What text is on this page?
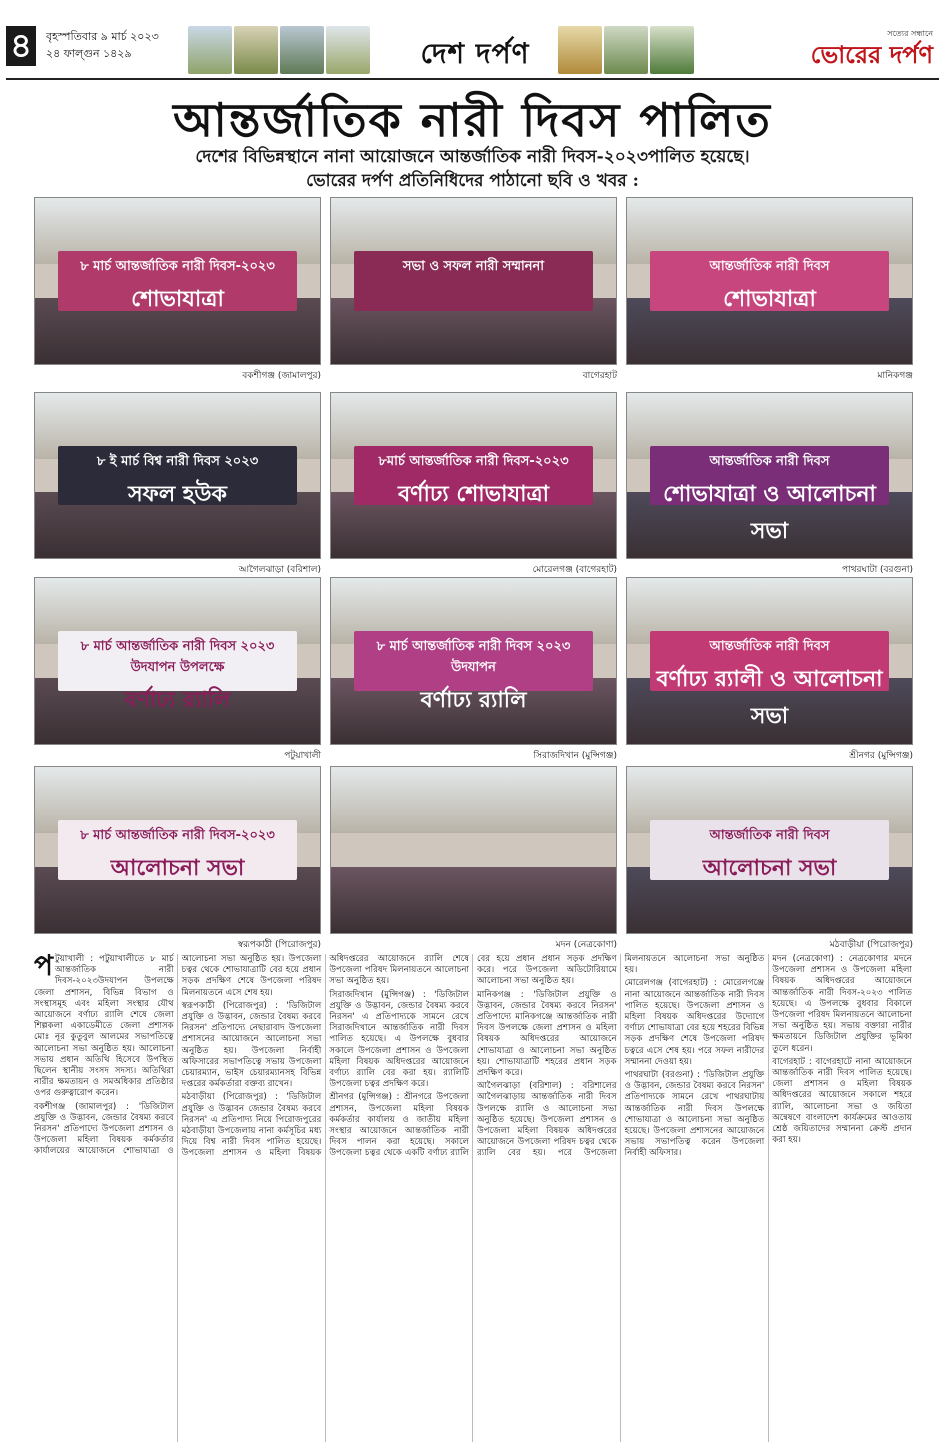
৪	বৃহস্পতিবার ৯ মার্চ ২০২৩
২৪ ফাল্গুন ১৪২৯	দেশ দর্পণ
সত্যের সন্ধানে
ভোরের দর্পণ
আন্তর্জাতিক নারী দিবস পালিত
দেশের বিভিন্নস্থানে নানা আয়োজনে আন্তর্জাতিক নারী দিবস-২০২৩পালিত হয়েছে।
ভোরের দর্পণ প্রতিনিধিদের পাঠানো ছবি ও খবর :
৮ মার্চ আন্তর্জাতিক নারী দিবস-২০২৩
শোভাযাত্রা
বকশীগঞ্জ (জামালপুর)
সভা ও সফল নারী সম্মাননা
বাগেরহাট
আন্তর্জাতিক নারী দিবস
শোভাযাত্রা
মানিকগঞ্জ
৮ ই মার্চ বিশ্ব নারী দিবস ২০২৩
সফল হউক
আগৈলঝাড়া (বরিশাল)
৮মার্চ আন্তর্জাতিক নারী দিবস-২০২৩
বর্ণাঢ্য শোভাযাত্রা
মোরেলগঞ্জ (বাগেরহাট)
আন্তর্জাতিক নারী দিবস
শোভাযাত্রা ও আলোচনা সভা
পাথরঘাটা (বরগুনা)
৮ মার্চ আন্তর্জাতিক নারী দিবস ২০২৩ উদযাপন উপলক্ষে
বর্ণাঢ্য র‍্যালি
পটুয়াখালী
৮ মার্চ আন্তর্জাতিক নারী দিবস ২০২৩ উদযাপন
বর্ণাঢ্য র‍্যালি
সিরাজদিখান (মুন্সিগঞ্জ)
আন্তর্জাতিক নারী দিবস
বর্ণাঢ্য র‍্যালী ও আলোচনা সভা
শ্রীনগর (মুন্সিগঞ্জ)
৮ মার্চ আন্তর্জাতিক নারী দিবস-২০২৩
আলোচনা সভা
স্বরূপকাঠী (পিরোজপুর)	মদন (নেত্রকোণা)
আন্তর্জাতিক নারী দিবস
আলোচনা সভা
মঠবাড়ীয়া (পিরোজপুর)

পটুয়াখালী : পটুয়াখালীতে ৮ মার্চ আন্তর্জাতিক নারী দিবস-২০২৩উদযাপন উপলক্ষে জেলা প্রশাসন, বিভিন্ন বিভাগ ও সংস্থাসমূহ এবং মহিলা সংস্থার যৌথ আয়োজনে বর্ণাঢ্য র‍্যালি শেষে জেলা শিল্পকলা একাডেমীতে জেলা প্রশাসক মোঃ নূর কুতুবুল আলমের সভাপতিত্বে আলোচনা সভা অনুষ্ঠিত হয়। আলোচনা সভায় প্রধান অতিথি হিসেবে উপস্থিত ছিলেন স্থানীয় সংসদ সদস্য। অতিথিরা নারীর ক্ষমতায়ন ও সমঅধিকার প্রতিষ্ঠার ওপর গুরুত্বারোপ করেন।

বকশীগঞ্জ (জামালপুর) : 'ডিজিটাল প্রযুক্তি ও উদ্ভাবন, জেন্ডার বৈষম্য করবে নিরসন' প্রতিপাদ্যে উপজেলা প্রশাসন ও উপজেলা মহিলা বিষয়ক কর্মকর্তার কার্যালয়ের আয়োজনে শোভাযাত্রা ও আলোচনা সভা অনুষ্ঠিত হয়। উপজেলা চত্বর থেকে শোভাযাত্রাটি বের হয়ে প্রধান সড়ক প্রদক্ষিণ শেষে উপজেলা পরিষদ মিলনায়তনে এসে শেষ হয়।

স্বরূপকাঠী (পিরোজপুর) : 'ডিজিটাল প্রযুক্তি ও উদ্ভাবন, জেন্ডার বৈষম্য করবে নিরসন' প্রতিপাদ্যে নেছারাবাদ উপজেলা প্রশাসনের আয়োজনে আলোচনা সভা অনুষ্ঠিত হয়। উপজেলা নির্বাহী অফিসারের সভাপতিত্বে সভায় উপজেলা চেয়ারম্যান, ভাইস চেয়ারম্যানসহ বিভিন্ন দপ্তরের কর্মকর্তারা বক্তব্য রাখেন।

মঠবাড়ীয়া (পিরোজপুর) : 'ডিজিটাল প্রযুক্তি ও উদ্ভাবন জেন্ডার বৈষম্য করবে নিরসন' এ প্রতিপাদ্য নিয়ে পিরোজপুরের মঠবাড়ীয়া উপজেলায় নানা কর্মসূচির মধ্য দিয়ে বিশ্ব নারী দিবস পালিত হয়েছে। উপজেলা প্রশাসন ও মহিলা বিষয়ক অধিদপ্তরের আয়োজনে র‍্যালি শেষে উপজেলা পরিষদ মিলনায়তনে আলোচনা সভা অনুষ্ঠিত হয়।

সিরাজদিখান (মুন্সিগঞ্জ) : 'ডিজিটাল প্রযুক্তি ও উদ্ভাবন, জেন্ডার বৈষম্য করবে নিরসন' এ প্রতিপাদ্যকে সামনে রেখে সিরাজদিখানে আন্তর্জাতিক নারী দিবস পালিত হয়েছে। এ উপলক্ষে বুধবার সকালে উপজেলা প্রশাসন ও উপজেলা মহিলা বিষয়ক অধিদপ্তরের আয়োজনে বর্ণাঢ্য র‍্যালি বের করা হয়। র‍্যালিটি উপজেলা চত্বর প্রদক্ষিণ করে।

শ্রীনগর (মুন্সিগঞ্জ) : শ্রীনগরে উপজেলা প্রশাসন, উপজেলা মহিলা বিষয়ক কর্মকর্তার কার্যালয় ও জাতীয় মহিলা সংস্থার আয়োজনে আন্তর্জাতিক নারী দিবস পালন করা হয়েছে। সকালে উপজেলা চত্বর থেকে একটি বর্ণাঢ্য র‍্যালি বের হয়ে প্রধান প্রধান সড়ক প্রদক্ষিণ করে। পরে উপজেলা অডিটোরিয়ামে আলোচনা সভা অনুষ্ঠিত হয়।

মানিকগঞ্জ : 'ডিজিটাল প্রযুক্তি ও উদ্ভাবন, জেন্ডার বৈষম্য করবে নিরসন' প্রতিপাদ্যে মানিকগঞ্জে আন্তর্জাতিক নারী দিবস উপলক্ষে জেলা প্রশাসন ও মহিলা বিষয়ক অধিদপ্তরের আয়োজনে শোভাযাত্রা ও আলোচনা সভা অনুষ্ঠিত হয়। শোভাযাত্রাটি শহরের প্রধান সড়ক প্রদক্ষিণ করে।

আগৈলঝাড়া (বরিশাল) : বরিশালের আগৈলঝাড়ায় আন্তর্জাতিক নারী দিবস উপলক্ষে র‍্যালি ও আলোচনা সভা অনুষ্ঠিত হয়েছে। উপজেলা প্রশাসন ও উপজেলা মহিলা বিষয়ক অধিদপ্তরের আয়োজনে উপজেলা পরিষদ চত্বর থেকে র‍্যালি বের হয়। পরে উপজেলা মিলনায়তনে আলোচনা সভা অনুষ্ঠিত হয়।

মোরেলগঞ্জ (বাগেরহাট) : মোরেলগঞ্জে নানা আয়োজনে আন্তর্জাতিক নারী দিবস পালিত হয়েছে। উপজেলা প্রশাসন ও মহিলা বিষয়ক অধিদপ্তরের উদ্যোগে বর্ণাঢ্য শোভাযাত্রা বের হয়ে শহরের বিভিন্ন সড়ক প্রদক্ষিণ শেষে উপজেলা পরিষদ চত্বরে এসে শেষ হয়। পরে সফল নারীদের সম্মাননা দেওয়া হয়।

পাথরঘাটা (বরগুনা) : 'ডিজিটাল প্রযুক্তি ও উদ্ভাবন, জেন্ডার বৈষম্য করবে নিরসন' প্রতিপাদ্যকে সামনে রেখে পাথরঘাটায় আন্তর্জাতিক নারী দিবস উপলক্ষে শোভাযাত্রা ও আলোচনা সভা অনুষ্ঠিত হয়েছে। উপজেলা প্রশাসনের আয়োজনে সভায় সভাপতিত্ব করেন উপজেলা নির্বাহী অফিসার।

মদন (নেত্রকোণা) : নেত্রকোণার মদনে উপজেলা প্রশাসন ও উপজেলা মহিলা বিষয়ক অধিদপ্তরের আয়োজনে আন্তর্জাতিক নারী দিবস-২০২৩ পালিত হয়েছে। এ উপলক্ষে বুধবার বিকালে উপজেলা পরিষদ মিলনায়তনে আলোচনা সভা অনুষ্ঠিত হয়। সভায় বক্তারা নারীর ক্ষমতায়নে ডিজিটাল প্রযুক্তির ভূমিকা তুলে ধরেন।

বাগেরহাট : বাগেরহাটে নানা আয়োজনে আন্তর্জাতিক নারী দিবস পালিত হয়েছে। জেলা প্রশাসন ও মহিলা বিষয়ক অধিদপ্তরের আয়োজনে সকালে শহরে র‍্যালি, আলোচনা সভা ও জয়িতা অন্বেষণে বাংলাদেশ কার্যক্রমের আওতায় শ্রেষ্ঠ জয়িতাদের সম্মাননা ক্রেস্ট প্রদান করা হয়।
